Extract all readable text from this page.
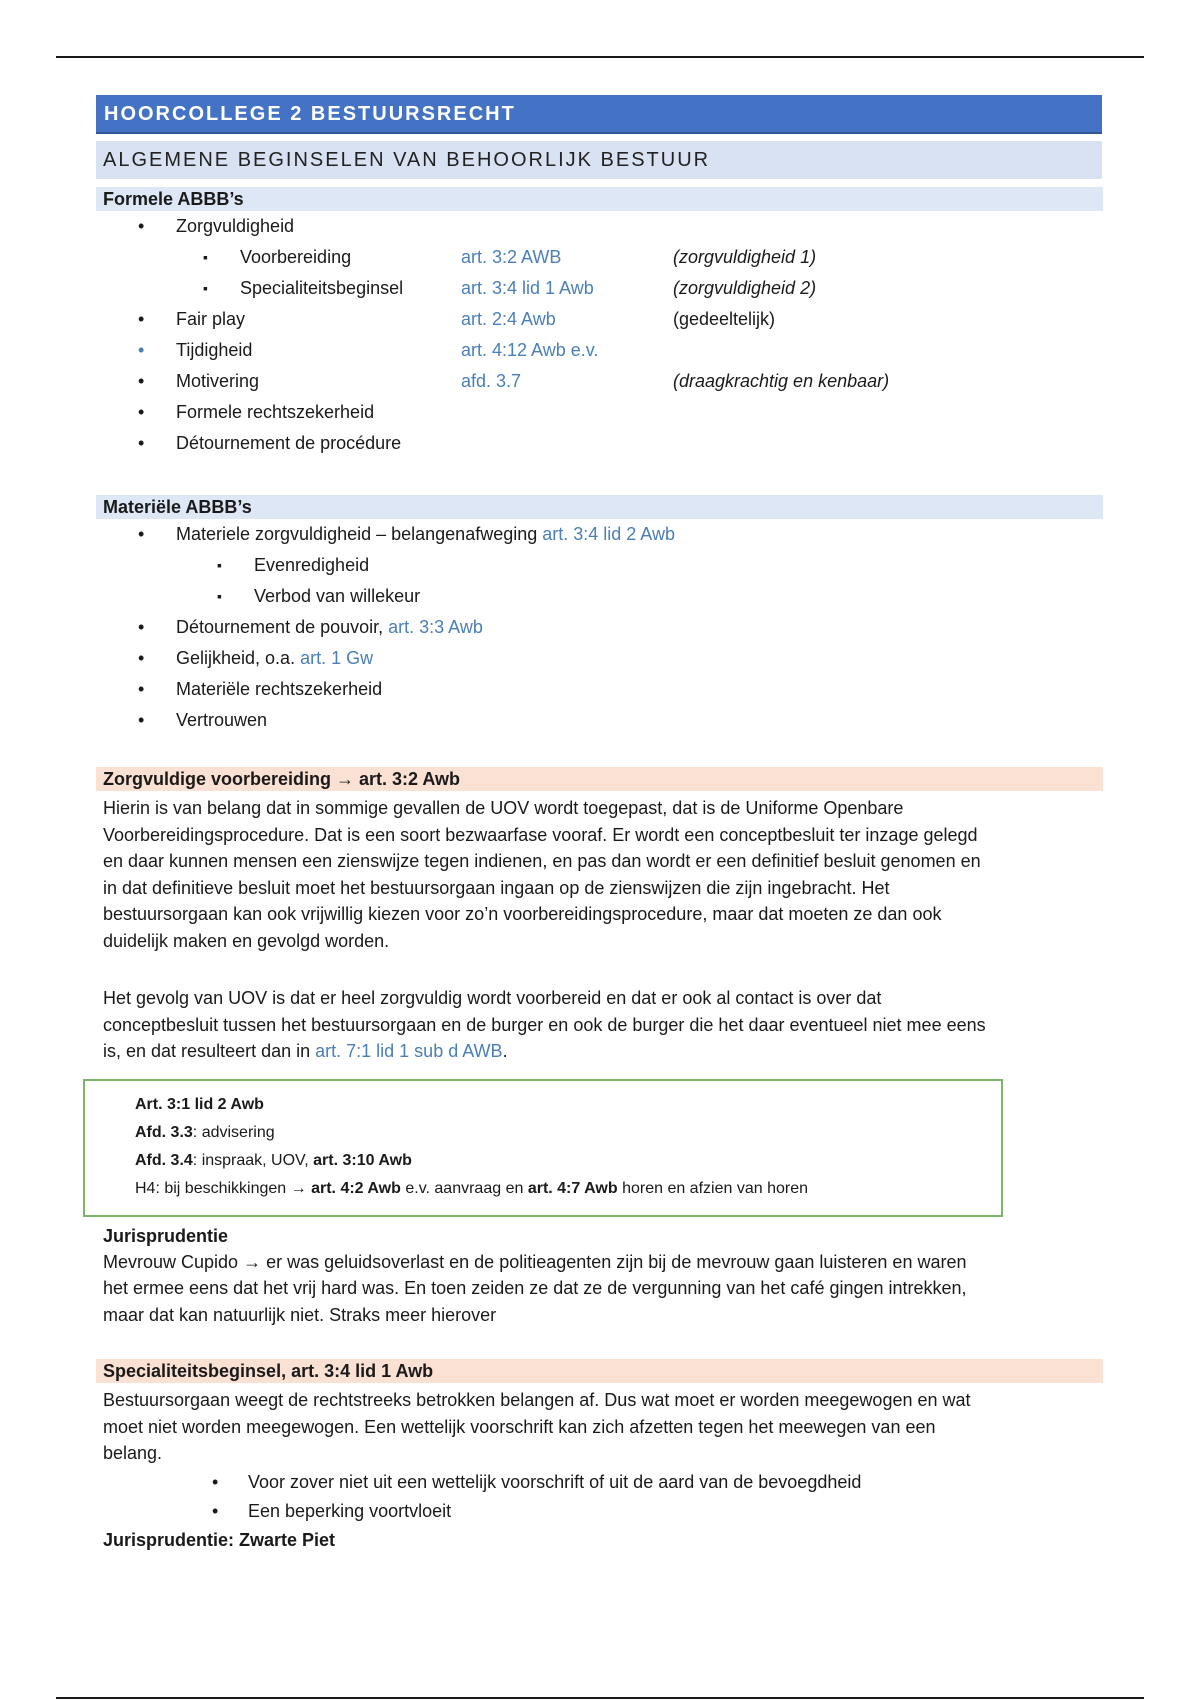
HOORCOLLEGE 2 BESTUURSRECHT
ALGEMENE BEGINSELEN VAN BEHOORLIJK BESTUUR
Formele ABBB’s
• Zorgvuldigheid
▪ Voorbereiding	art. 3:2 AWB	(zorgvuldigheid 1)
▪ Specialiteitsbeginsel	art. 3:4 lid 1 Awb	(zorgvuldigheid 2)
• Fair play	art. 2:4 Awb	(gedeeltelijk)
• Tijdigheid	art. 4:12 Awb e.v.
• Motivering	afd. 3.7	(draagkrachtig en kenbaar)
• Formele rechtszekerheid
• Détournement de procédure
Materiële ABBB’s
• Materiele zorgvuldigheid – belangenafweging art. 3:4 lid 2 Awb
▪ Evenredigheid
▪ Verbod van willekeur
• Détournement de pouvoir, art. 3:3 Awb
• Gelijkheid, o.a. art. 1 Gw
• Materiële rechtszekerheid
• Vertrouwen
Zorgvuldige voorbereiding → art. 3:2 Awb
Hierin is van belang dat in sommige gevallen de UOV wordt toegepast, dat is de Uniforme Openbare
Voorbereidingsprocedure. Dat is een soort bezwaarfase vooraf. Er wordt een conceptbesluit ter inzage gelegd
en daar kunnen mensen een zienswijze tegen indienen, en pas dan wordt er een definitief besluit genomen en
in dat definitieve besluit moet het bestuursorgaan ingaan op de zienswijzen die zijn ingebracht. Het
bestuursorgaan kan ook vrijwillig kiezen voor zo’n voorbereidingsprocedure, maar dat moeten ze dan ook
duidelijk maken en gevolgd worden.
Het gevolg van UOV is dat er heel zorgvuldig wordt voorbereid en dat er ook al contact is over dat
conceptbesluit tussen het bestuursorgaan en de burger en ook de burger die het daar eventueel niet mee eens
is, en dat resulteert dan in art. 7:1 lid 1 sub d AWB.
Art. 3:1 lid 2 Awb
Afd. 3.3: advisering
Afd. 3.4: inspraak, UOV, art. 3:10 Awb
H4: bij beschikkingen → art. 4:2 Awb e.v. aanvraag en art. 4:7 Awb horen en afzien van horen
Jurisprudentie
Mevrouw Cupido → er was geluidsoverlast en de politieagenten zijn bij de mevrouw gaan luisteren en waren
het ermee eens dat het vrij hard was. En toen zeiden ze dat ze de vergunning van het café gingen intrekken,
maar dat kan natuurlijk niet. Straks meer hierover
Specialiteitsbeginsel, art. 3:4 lid 1 Awb
Bestuursorgaan weegt de rechtstreeks betrokken belangen af. Dus wat moet er worden meegewogen en wat
moet niet worden meegewogen. Een wettelijk voorschrift kan zich afzetten tegen het meewegen van een
belang.
• Voor zover niet uit een wettelijk voorschrift of uit de aard van de bevoegdheid
• Een beperking voortvloeit
Jurisprudentie: Zwarte Piet
